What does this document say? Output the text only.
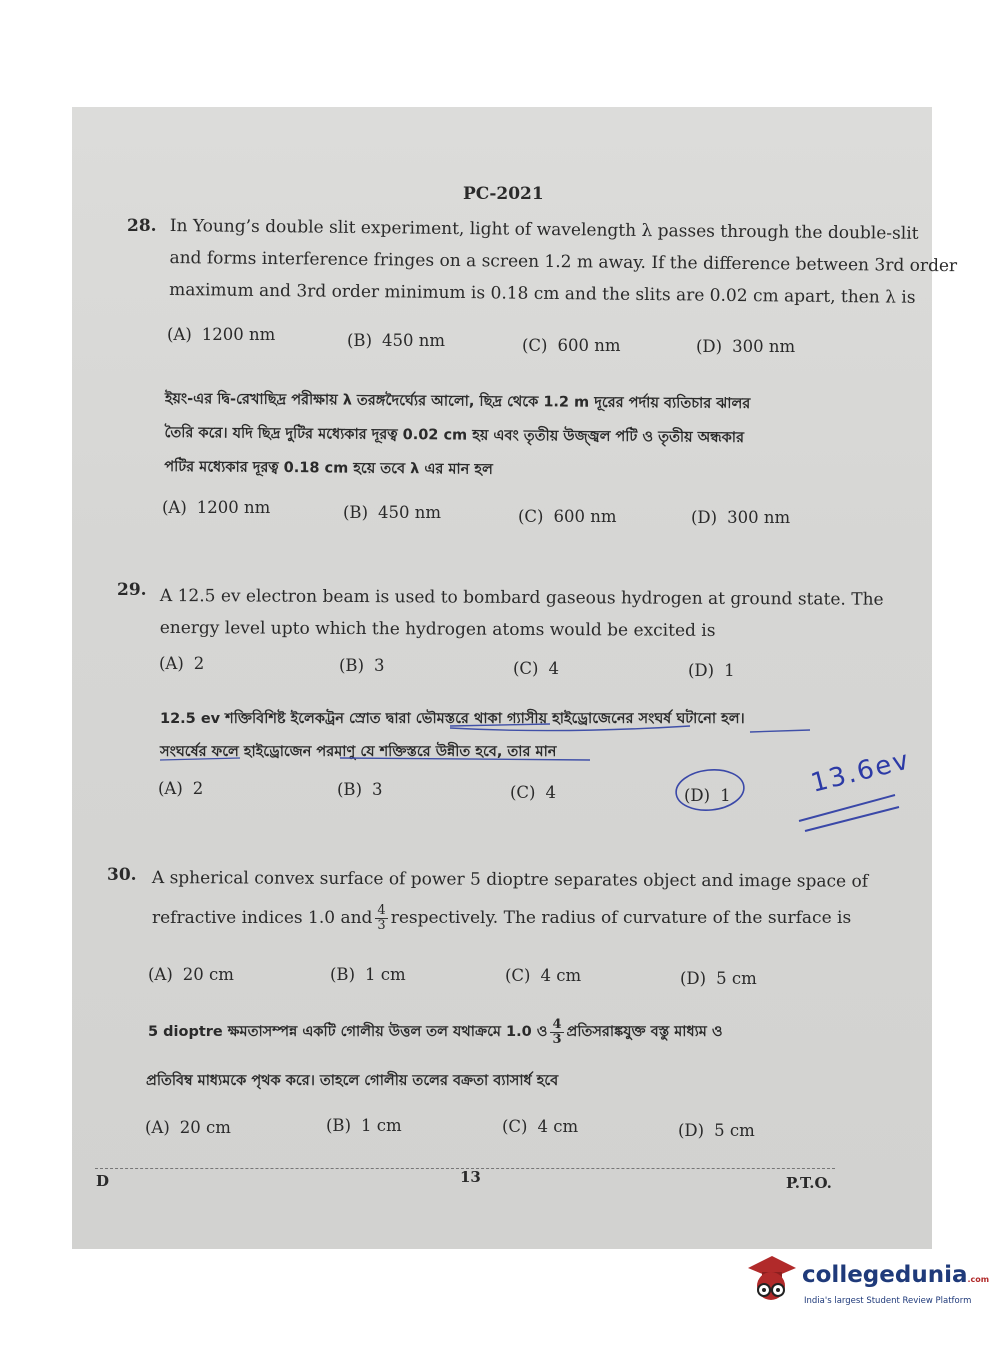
PC-2021
28. In Young’s double slit experiment, light of wavelength λ passes through the double-slit
and forms interference fringes on a screen 1.2 m away. If the difference between 3rd order
maximum and 3rd order minimum is 0.18 cm and the slits are 0.02 cm apart, then λ is
(A) 1200 nm	(B) 450 nm	(C) 600 nm	(D) 300 nm
ইয়ং-এর দ্বি-রেখাছিদ্র পরীক্ষায় λ তরঙ্গদৈর্ঘ্যের আলো, ছিদ্র থেকে 1.2 m দূরের পর্দায় ব্যতিচার ঝালর
তৈরি করে। যদি ছিদ্র দুটির মধ্যেকার দূরত্ব 0.02 cm হয় এবং তৃতীয় উজ্জ্বল পটি ও তৃতীয় অন্ধকার
পটির মধ্যেকার দূরত্ব 0.18 cm হয়ে তবে λ এর মান হল
(A) 1200 nm	(B) 450 nm	(C) 600 nm	(D) 300 nm
29. A 12.5 ev electron beam is used to bombard gaseous hydrogen at ground state. The
energy level upto which the hydrogen atoms would be excited is
(A) 2	(B) 3	(C) 4	(D) 1
12.5 ev শক্তিবিশিষ্ট ইলেকট্রন স্রোত দ্বারা ভৌমস্তরে থাকা গ্যাসীয় হাইড্রোজেনের সংঘর্ষ ঘটানো হল।
সংঘর্ষের ফলে হাইড্রোজেন পরমাণু যে শক্তিস্তরে উন্নীত হবে, তার মান
(A) 2	(B) 3	(C) 4	(D) 1	13.6ev
30. A spherical convex surface of power 5 dioptre separates object and image space of
refractive indices 1.0 and $\frac{4}{3}$ respectively. The radius of curvature of the surface is
(A) 20 cm	(B) 1 cm	(C) 4 cm	(D) 5 cm
5 dioptre ক্ষমতাসম্পন্ন একটি গোলীয় উত্তল তল যথাক্রমে 1.0 ও $\frac{4}{3}$ প্রতিসরাঙ্কযুক্ত বস্তু মাধ্যম ও
প্রতিবিম্ব মাধ্যমকে পৃথক করে। তাহলে গোলীয় তলের বক্রতা ব্যাসার্ধ হবে
(A) 20 cm	(B) 1 cm	(C) 4 cm	(D) 5 cm
D	13	P.T.O.
collegedunia.com
India's largest Student Review Platform
